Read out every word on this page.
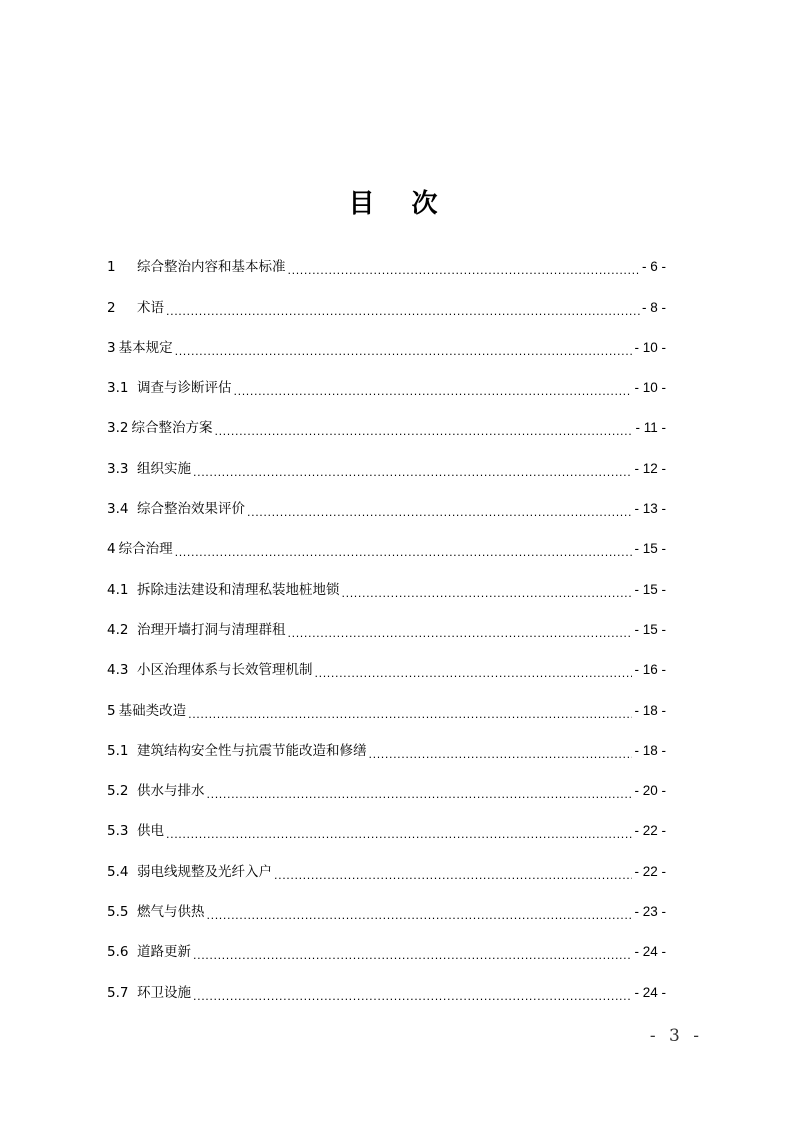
目 次
1	综合整治内容和基本标准 .....	- 6 -
2	术语 .....	- 8 -
3 基本规定 .....	- 10 -
3.1 调查与诊断评估 .....	- 10 -
3.2 综合整治方案 .....	- 11 -
3.3 组织实施 .....	- 12 -
3.4 综合整治效果评价 .....	- 13 -
4 综合治理 .....	- 15 -
4.1 拆除违法建设和清理私装地桩地锁 .....	- 15 -
4.2 治理开墙打洞与清理群租 .....	- 15 -
4.3 小区治理体系与长效管理机制 .....	- 16 -
5 基础类改造 .....	- 18 -
5.1 建筑结构安全性与抗震节能改造和修缮 .....	- 18 -
5.2 供水与排水 .....	- 20 -
5.3 供电 .....	- 22 -
5.4 弱电线规整及光纤入户 .....	- 22 -
5.5 燃气与供热 .....	- 23 -
5.6 道路更新 .....	- 24 -
5.7 环卫设施 .....	- 24 -
- 3 -
